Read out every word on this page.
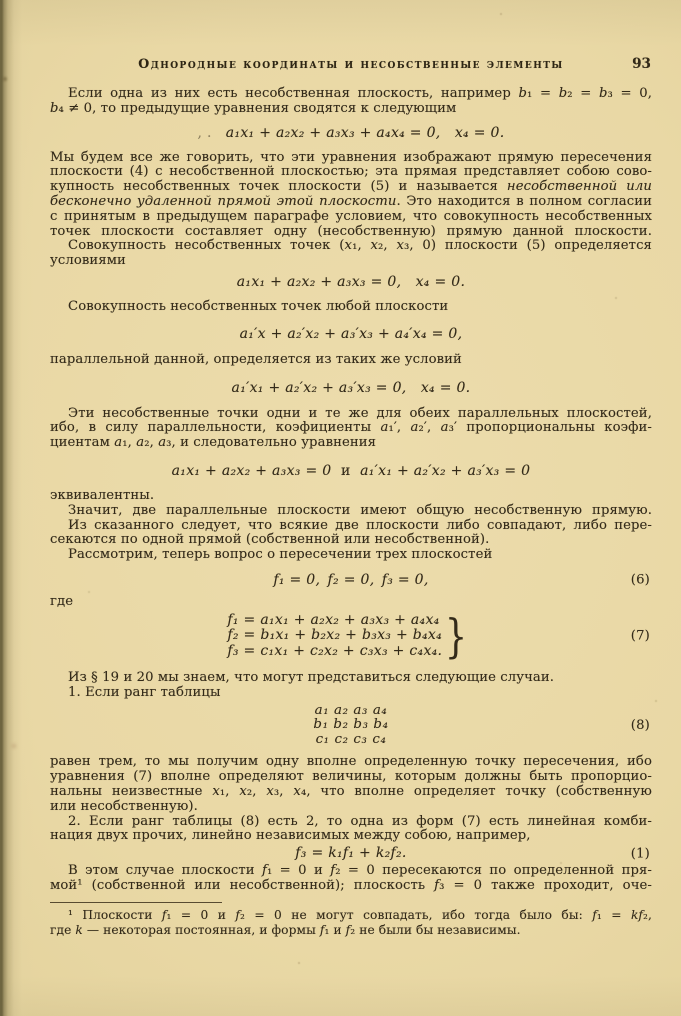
Однородные координаты и несобственные элементы	93
Если одна из них есть несобственная плоскость, например b₁ = b₂ = b₃ = 0,
b₄ ≠ 0, то предыдущие уравнения сводятся к следующим
, . a₁x₁ + a₂x₂ + a₃x₃ + a₄x₄ = 0, x₄ = 0.
Мы будем все же говорить, что эти уравнения изображают прямую пересечения
плоскости (4) с несобственной плоскостью; эта прямая представляет собою сово-
купность несобственных точек плоскости (5) и называется несобственной или
бесконечно удаленной прямой этой плоскости. Это находится в полном согласии
с принятым в предыдущем параграфе условием, что совокупность несобственных
точек плоскости составляет одну (несобственную) прямую данной плоскости.
Совокупность несобственных точек (x₁, x₂, x₃, 0) плоскости (5) определяется
условиями
a₁x₁ + a₂x₂ + a₃x₃ = 0, x₄ = 0.
Совокупность несобственных точек любой плоскости
a₁′x + a₂′x₂ + a₃′x₃ + a₄′x₄ = 0,
параллельной данной, определяется из таких же условий
a₁′x₁ + a₂′x₂ + a₃′x₃ = 0, x₄ = 0.
Эти несобственные точки одни и те же для обеих параллельных плоскостей,
ибо, в силу параллельности, коэфициенты a₁′, a₂′, a₃′ пропорциональны коэфи-
циентам a₁, a₂, a₃, и следовательно уравнения
a₁x₁ + a₂x₂ + a₃x₃ = 0  и  a₁′x₁ + a₂′x₂ + a₃′x₃ = 0
эквивалентны.
Значит, две параллельные плоскости имеют общую несобственную прямую.
Из сказанного следует, что всякие две плоскости либо совпадают, либо пере-
секаются по одной прямой (собственной или несобственной).
Рассмотрим, теперь вопрос о пересечении трех плоскостей
f₁ = 0, f₂ = 0, f₃ = 0,	(6)
где
f₁ = a₁x₁ + a₂x₂ + a₃x₃ + a₄x₄
f₂ = b₁x₁ + b₂x₂ + b₃x₃ + b₄x₄
f₃ = c₁x₁ + c₂x₂ + c₃x₃ + c₄x₄. }	(7)
Из § 19 и 20 мы знаем, что могут представиться следующие случаи.
1. Если ранг таблицы
a₁ a₂ a₃ a₄
b₁ b₂ b₃ b₄
c₁ c₂ c₃ c₄
(8)
равен трем, то мы получим одну вполне определенную точку пересечения, ибо
уравнения (7) вполне определяют величины, которым должны быть пропорцио-
нальны неизвестные x₁, x₂, x₃, x₄, что вполне определяет точку (собственную
или несобственную).
2. Если ранг таблицы (8) есть 2, то одна из форм (7) есть линейная комби-
нация двух прочих, линейно независимых между собою, например,
f₃ = k₁f₁ + k₂f₂.	(1)
В этом случае плоскости f₁ = 0 и f₂ = 0 пересекаются по определенной пря-
мой¹ (собственной или несобственной); плоскость f₃ = 0 также проходит, оче-
¹ Плоскости f₁ = 0 и f₂ = 0 не могут совпадать, ибо тогда было бы: f₁ = kf₂,
где k — некоторая постоянная, и формы f₁ и f₂ не были бы независимы.
